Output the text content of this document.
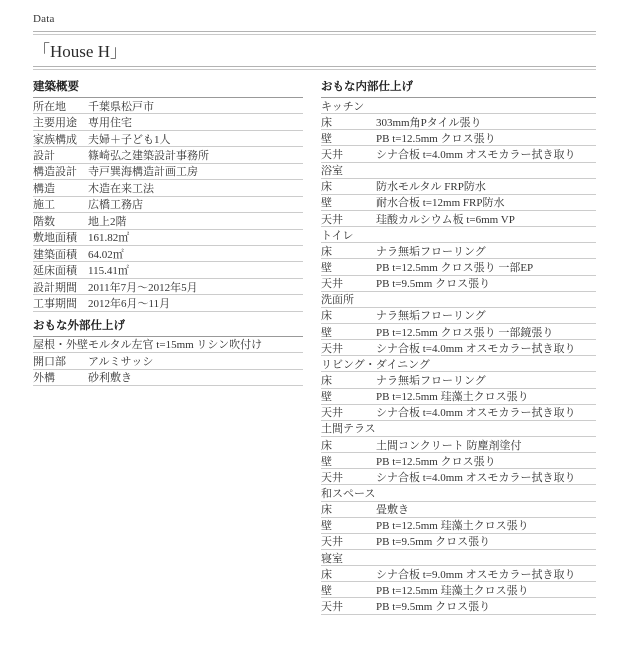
Data
「House H」
建築概要
所在地	千葉県松戸市
主要用途	専用住宅
家族構成	夫婦＋子ども1人
設計	篠崎弘之建築設計事務所
構造設計	寺戸巽海構造計画工房
構造	木造在来工法
施工	広橋工務店
階数	地上2階
敷地面積	161.82㎡
建築面積	64.02㎡
延床面積	115.41㎡
設計期間	2011年7月〜2012年5月
工事期間	2012年6月〜11月
おもな外部仕上げ
屋根・外壁 モルタル左官 t=15mm リシン吹付け
開口部	アルミサッシ
外構	砂利敷き
おもな内部仕上げ
キッチン
床	303mm角Pタイル張り
壁	PB t=12.5mm クロス張り
天井	シナ合板 t=4.0mm オスモカラー拭き取り
浴室
床	防水モルタル FRP防水
壁	耐水合板 t=12mm FRP防水
天井	珪酸カルシウム板 t=6mm VP
トイレ
床	ナラ無垢フローリング
壁	PB t=12.5mm クロス張り 一部EP
天井	PB t=9.5mm クロス張り
洗面所
床	ナラ無垢フローリング
壁	PB t=12.5mm クロス張り 一部鏡張り
天井	シナ合板 t=4.0mm オスモカラー拭き取り
リビング・ダイニング
床	ナラ無垢フローリング
壁	PB t=12.5mm 珪藻土クロス張り
天井	シナ合板 t=4.0mm オスモカラー拭き取り
土間テラス
床	土間コンクリート 防塵剤塗付
壁	PB t=12.5mm クロス張り
天井	シナ合板 t=4.0mm オスモカラー拭き取り
和スペース
床	畳敷き
壁	PB t=12.5mm 珪藻土クロス張り
天井	PB t=9.5mm クロス張り
寝室
床	シナ合板 t=9.0mm オスモカラー拭き取り
壁	PB t=12.5mm 珪藻土クロス張り
天井	PB t=9.5mm クロス張り
